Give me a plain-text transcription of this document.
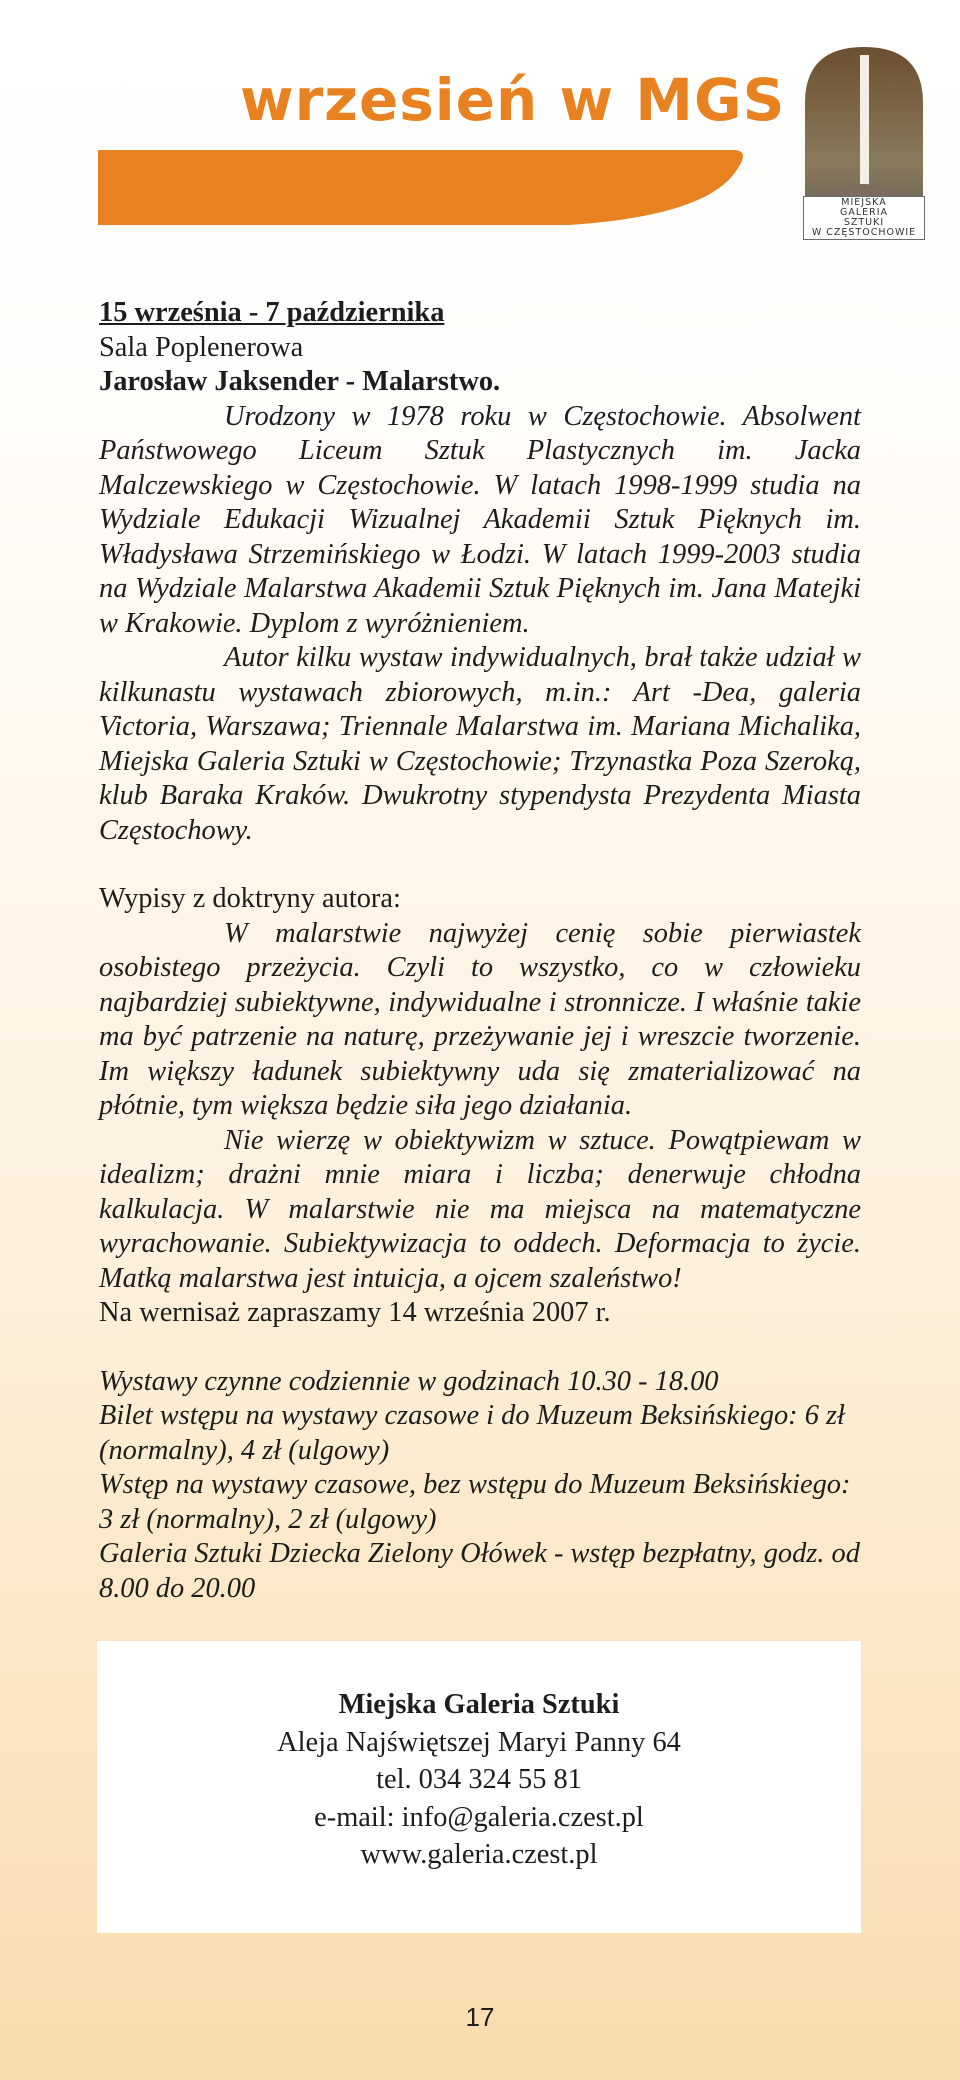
wrzesień w MGS
MIEJSKA
GALERIA
SZTUKI
W CZĘSTOCHOWIE

15 września - 7 października

Sala Poplenerowa

Jarosław Jaksender - Malarstwo.

Urodzony w 1978 roku w Częstochowie. Absolwent Państwowego Liceum Sztuk Plastycznych im. Jacka Malczewskiego w Częstochowie. W latach 1998-1999 studia na Wydziale Edukacji Wizualnej Akademii Sztuk Pięknych im. Władysława Strzemińskiego w Łodzi. W latach 1999-2003 studia na Wydziale Malarstwa Akademii Sztuk Pięknych im. Jana Matejki w Krakowie. Dyplom z wyróżnieniem.

Autor kilku wystaw indywidualnych, brał także udział w kilkunastu wystawach zbiorowych, m.in.: Art -Dea, galeria Victoria, Warszawa; Triennale Malarstwa im. Mariana Michalika, Miejska Galeria Sztuki w Częstochowie; Trzynastka Poza Szeroką, klub Baraka Kraków. Dwukrotny stypendysta Prezydenta Miasta Częstochowy.

Wypisy z doktryny autora:

W malarstwie najwyżej cenię sobie pierwiastek osobistego przeżycia. Czyli to wszystko, co w człowieku najbardziej subiektywne, indywidualne i stronnicze. I właśnie takie ma być patrzenie na naturę, przeżywanie jej i wreszcie tworzenie. Im większy ładunek subiektywny uda się zmaterializować na płótnie, tym większa będzie siła jego działania.

Nie wierzę w obiektywizm w sztuce. Powątpiewam w idealizm; drażni mnie miara i liczba; denerwuje chłodna kalkulacja. W malarstwie nie ma miejsca na matematyczne wyrachowanie. Subiektywizacja to oddech. Deformacja to życie. Matką malarstwa jest intuicja, a ojcem szaleństwo!

Na wernisaż zapraszamy 14 września 2007 r.

Wystawy czynne codziennie w godzinach 10.30 - 18.00

Bilet wstępu na wystawy czasowe i do Muzeum Beksińskiego: 6 zł (normalny), 4 zł (ulgowy)

Wstęp na wystawy czasowe, bez wstępu do Muzeum Beksińskiego: 3 zł (normalny), 2 zł (ulgowy)

Galeria Sztuki Dziecka Zielony Ołówek - wstęp bezpłatny, godz. od 8.00 do 20.00

Miejska Galeria Sztuki
Aleja Najświętszej Maryi Panny 64
tel. 034 324 55 81
e-mail: info@galeria.czest.pl
www.galeria.czest.pl
17
